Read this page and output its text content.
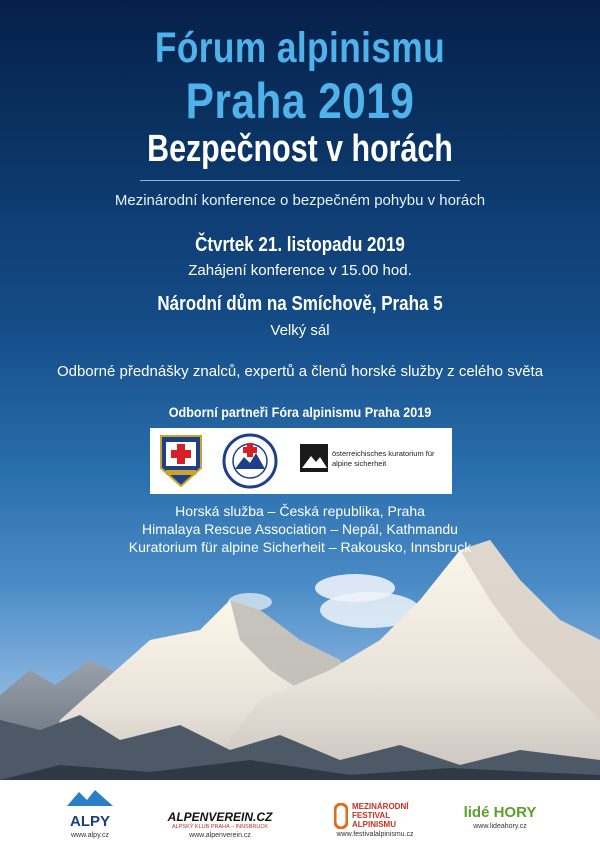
Fórum alpinismu

Praha 2019

Bezpečnost v horách

Mezinárodní konference o bezpečném pohybu v horách

Čtvrtek 21. listopadu 2019

Zahájení konference v 15.00 hod.

Národní dům na Smíchově, Praha 5

Velký sál

Odborné přednášky znalců, expertů a členů horské služby z celého světa

Odborní partneři Fóra alpinismu Praha 2019

österreichisches kuratorium für
alpine sicherheit
Horská služba – Česká republika, Praha
Himalaya Rescue Association – Nepál, Kathmandu
Kuratorium für alpine Sicherheit – Rakousko, Innsbruck
ALPY
www.alpy.cz
ALPENVEREIN.CZ
ALPSKÝ KLUB PRAHA – INNSBRUCK
www.alpenverein.cz
MEZINÁRODNÍ FESTIVAL ALPINISMU
www.festivalalpinismu.cz
lidé HORY
www.lideahory.cz
